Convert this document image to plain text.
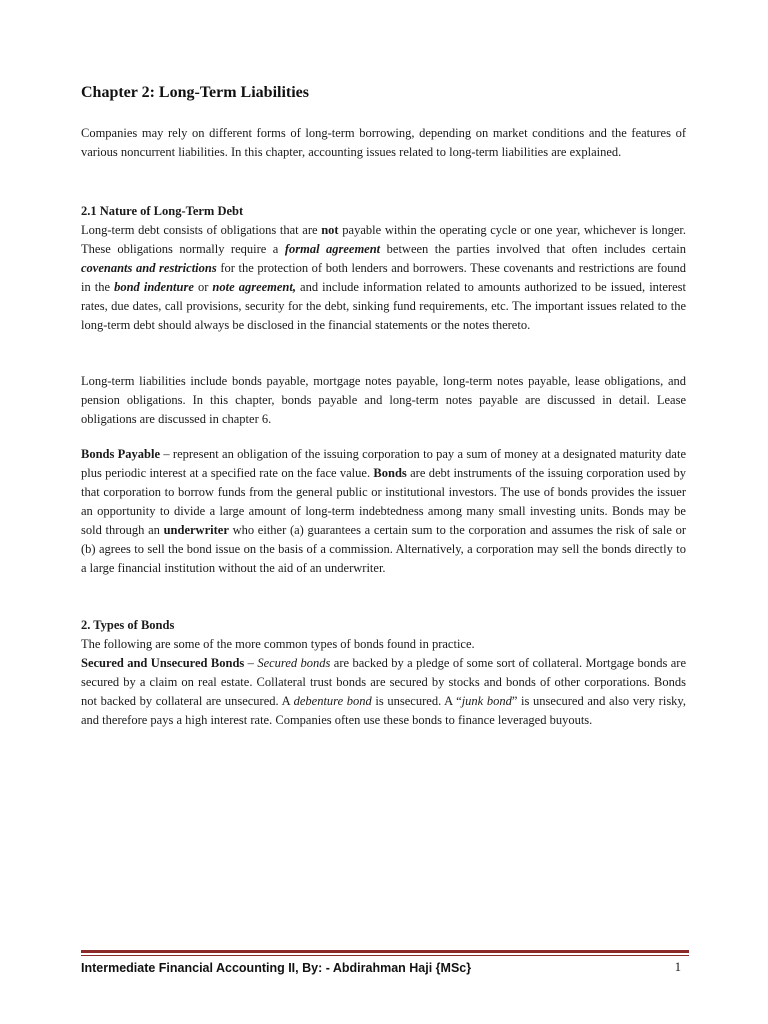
Chapter 2: Long-Term Liabilities

Companies may rely on different forms of long-term borrowing, depending on market conditions and the features of various noncurrent liabilities. In this chapter, accounting issues related to long-term liabilities are explained.

2.1 Nature of Long-Term Debt

Long-term debt consists of obligations that are not payable within the operating cycle or one year, whichever is longer. These obligations normally require a formal agreement between the parties involved that often includes certain covenants and restrictions for the protection of both lenders and borrowers. These covenants and restrictions are found in the bond indenture or note agreement, and include information related to amounts authorized to be issued, interest rates, due dates, call provisions, security for the debt, sinking fund requirements, etc. The important issues related to the long-term debt should always be disclosed in the financial statements or the notes thereto.

Long-term liabilities include bonds payable, mortgage notes payable, long-term notes payable, lease obligations, and pension obligations. In this chapter, bonds payable and long-term notes payable are discussed in detail. Lease obligations are discussed in chapter 6.

Bonds Payable – represent an obligation of the issuing corporation to pay a sum of money at a designated maturity date plus periodic interest at a specified rate on the face value. Bonds are debt instruments of the issuing corporation used by that corporation to borrow funds from the general public or institutional investors. The use of bonds provides the issuer an opportunity to divide a large amount of long-term indebtedness among many small investing units. Bonds may be sold through an underwriter who either (a) guarantees a certain sum to the corporation and assumes the risk of sale or (b) agrees to sell the bond issue on the basis of a commission. Alternatively, a corporation may sell the bonds directly to a large financial institution without the aid of an underwriter.

2. Types of Bonds

The following are some of the more common types of bonds found in practice.

Secured and Unsecured Bonds – Secured bonds are backed by a pledge of some sort of collateral. Mortgage bonds are secured by a claim on real estate. Collateral trust bonds are secured by stocks and bonds of other corporations. Bonds not backed by collateral are unsecured. A debenture bond is unsecured. A “junk bond” is unsecured and also very risky, and therefore pays a high interest rate. Companies often use these bonds to finance leveraged buyouts.

Intermediate Financial Accounting II, By: - Abdirahman Haji {MSc}	1
